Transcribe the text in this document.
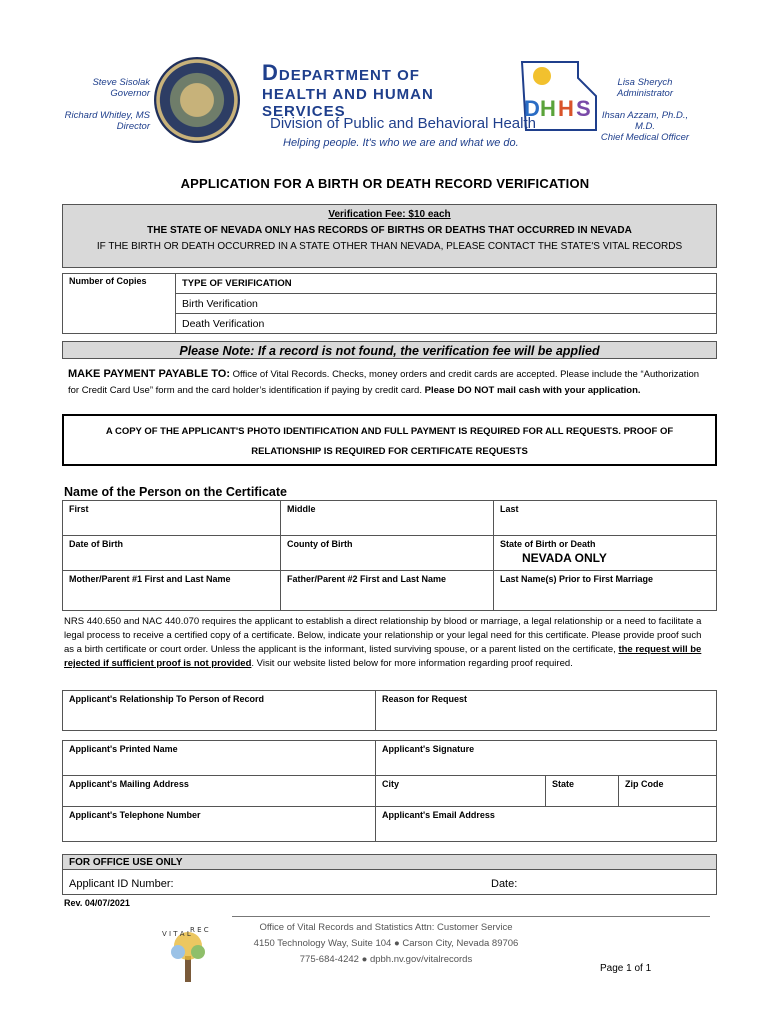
Steve Sisolak
Governor
Richard Whitley, MS
Director
DDEPARTMENT OF
HEALTH AND HUMAN SERVICES
Division of Public and Behavioral Health
Helping people. It's who we are and what we do.
D H H S
Lisa Sherych
Administrator
Ihsan Azzam, Ph.D., M.D.
Chief Medical Officer
APPLICATION FOR A BIRTH OR DEATH RECORD VERIFICATION
Verification Fee: $10 each
THE STATE OF NEVADA ONLY HAS RECORDS OF BIRTHS OR DEATHS THAT OCCURRED IN NEVADA
IF THE BIRTH OR DEATH OCCURRED IN A STATE OTHER THAN NEVADA, PLEASE CONTACT THE STATE'S VITAL RECORDS
Number of Copies	TYPE OF VERIFICATION
Birth Verification
Death Verification
Please Note: If a record is not found, the verification fee will be applied
MAKE PAYMENT PAYABLE TO: Office of Vital Records. Checks, money orders and credit cards are accepted. Please include the “Authorization for Credit Card Use” form and the card holder’s identification if paying by credit card. Please DO NOT mail cash with your application.
A COPY OF THE APPLICANT'S PHOTO IDENTIFICATION AND FULL PAYMENT IS REQUIRED FOR ALL REQUESTS. PROOF OF
RELATIONSHIP IS REQUIRED FOR CERTIFICATE REQUESTS
Name of the Person on the Certificate
First	Middle	Last
Date of Birth	County of Birth	State of Birth or Death
NEVADA ONLY

Mother/Parent #1 First and Last Name	Father/Parent #2 First and Last Name	Last Name(s) Prior to First Marriage
NRS 440.650 and NAC 440.070 requires the applicant to establish a direct relationship by blood or marriage, a legal relationship or a need to facilitate a legal process to receive a certified copy of a certificate. Below, indicate your relationship or your legal need for this certificate. Please provide proof such as a birth certificate or court order. Unless the applicant is the informant, listed surviving spouse, or a parent listed on the certificate, the request will be rejected if sufficient proof is not provided. Visit our website listed below for more information regarding proof required.
Applicant's Relationship To Person of Record	Reason for Request
Applicant's Printed Name	Applicant's Signature		
Applicant's Mailing Address	City	State	Zip Code
Applicant's Telephone Number	Applicant's Email Address		
FOR OFFICE USE ONLY
Applicant ID Number:	Date:
Rev. 04/07/2021
V I T A L R E C	Office of Vital Records and Statistics Attn: Customer Service
4150 Technology Way, Suite 104 ● Carson City, Nevada 89706
775-684-4242 ● dpbh.nv.gov/vitalrecords
Page 1 of 1
